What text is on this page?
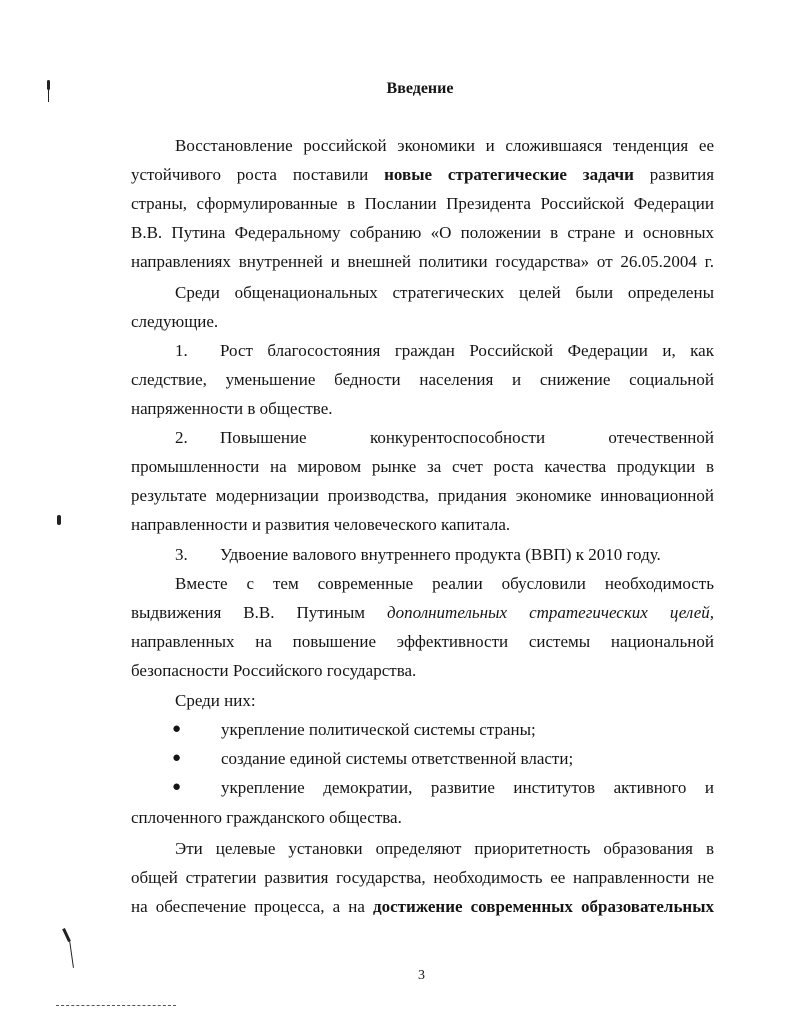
Введение
Восстановление российской экономики и сложившаяся тенденция ее
устойчивого роста поставили новые стратегические задачи развития
страны, сформулированные в Послании Президента Российской Федерации
В.В. Путина Федеральному собранию «О положении в стране и основных
направлениях внутренней и внешней политики государства» от 26.05.2004 г.
Среди общенациональных стратегических целей были определены
следующие.
1. Рост благосостояния граждан Российской Федерации и, как
следствие, уменьшение бедности населения и снижение социальной
напряженности в обществе.
2. Повышение конкурентоспособности отечественной
промышленности на мировом рынке за счет роста качества продукции в
результате модернизации производства, придания экономике инновационной
направленности и развития человеческого капитала.
3. Удвоение валового внутреннего продукта (ВВП) к 2010 году.
Вместе с тем современные реалии обусловили необходимость
выдвижения В.В. Путиным дополнительных стратегических целей,
направленных на повышение эффективности системы национальной
безопасности Российского государства.
Среди них:
● укрепление политической системы страны;
● создание единой системы ответственной власти;
● укрепление демократии, развитие институтов активного и
сплоченного гражданского общества.
Эти целевые установки определяют приоритетность образования в
общей стратегии развития государства, необходимость ее направленности не
на обеспечение процесса, а на достижение современных образовательных
3
